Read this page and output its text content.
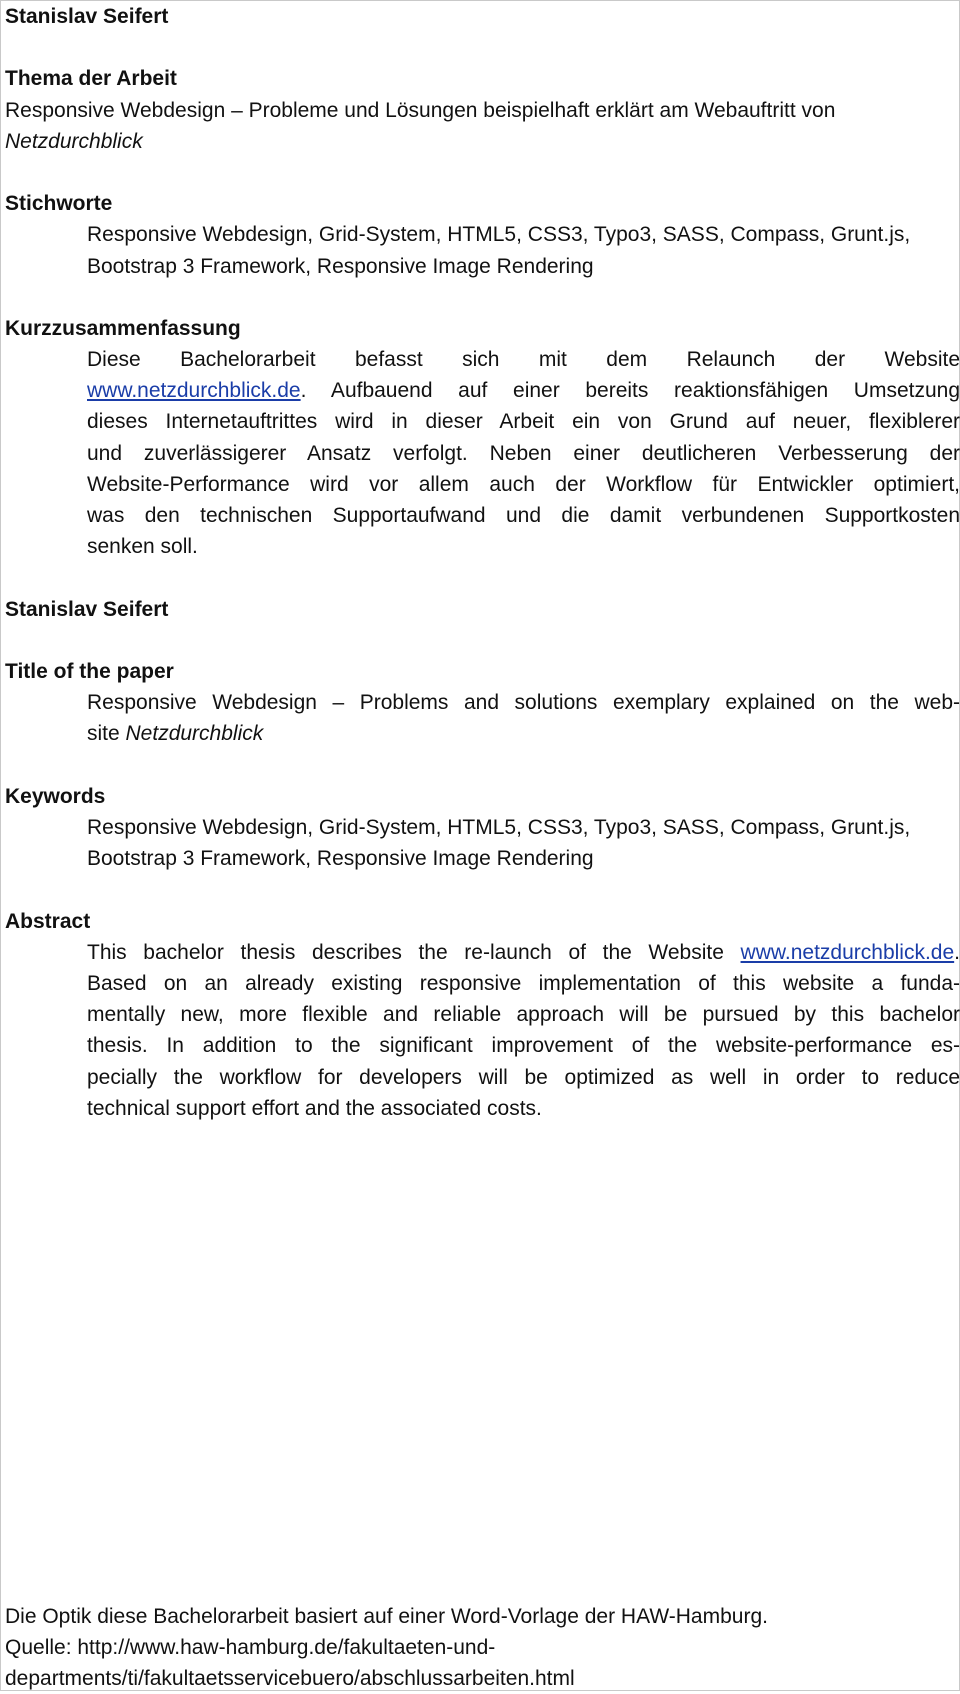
Stanislav Seifert
Thema der Arbeit
Responsive Webdesign – Probleme und Lösungen beispielhaft erklärt am Webauftritt von
Netzdurchblick
Stichworte
Responsive Webdesign, Grid-System, HTML5, CSS3, Typo3, SASS, Compass, Grunt.js,
Bootstrap 3 Framework, Responsive Image Rendering
Kurzzusammenfassung
Diese Bachelorarbeit befasst sich mit dem Relaunch der Website
www.netzdurchblick.de. Aufbauend auf einer bereits reaktionsfähigen Umsetzung
dieses Internetauftrittes wird in dieser Arbeit ein von Grund auf neuer, flexiblerer
und zuverlässigerer Ansatz verfolgt. Neben einer deutlicheren Verbesserung der
Website-Performance wird vor allem auch der Workflow für Entwickler optimiert,
was den technischen Supportaufwand und die damit verbundenen Supportkosten
senken soll.
Stanislav Seifert
Title of the paper
Responsive Webdesign – Problems and solutions exemplary explained on the web-
site Netzdurchblick
Keywords
Responsive Webdesign, Grid-System, HTML5, CSS3, Typo3, SASS, Compass, Grunt.js,
Bootstrap 3 Framework, Responsive Image Rendering
Abstract
This bachelor thesis describes the re-launch of the Website www.netzdurchblick.de.
Based on an already existing responsive implementation of this website a funda-
mentally new, more flexible and reliable approach will be pursued by this bachelor
thesis. In addition to the significant improvement of the website-performance es-
pecially the workflow for developers will be optimized as well in order to reduce
technical support effort and the associated costs.
Die Optik diese Bachelorarbeit basiert auf einer Word-Vorlage der HAW-Hamburg.
Quelle: http://www.haw-hamburg.de/fakultaeten-und-
departments/ti/fakultaetsservicebuero/abschlussarbeiten.html
